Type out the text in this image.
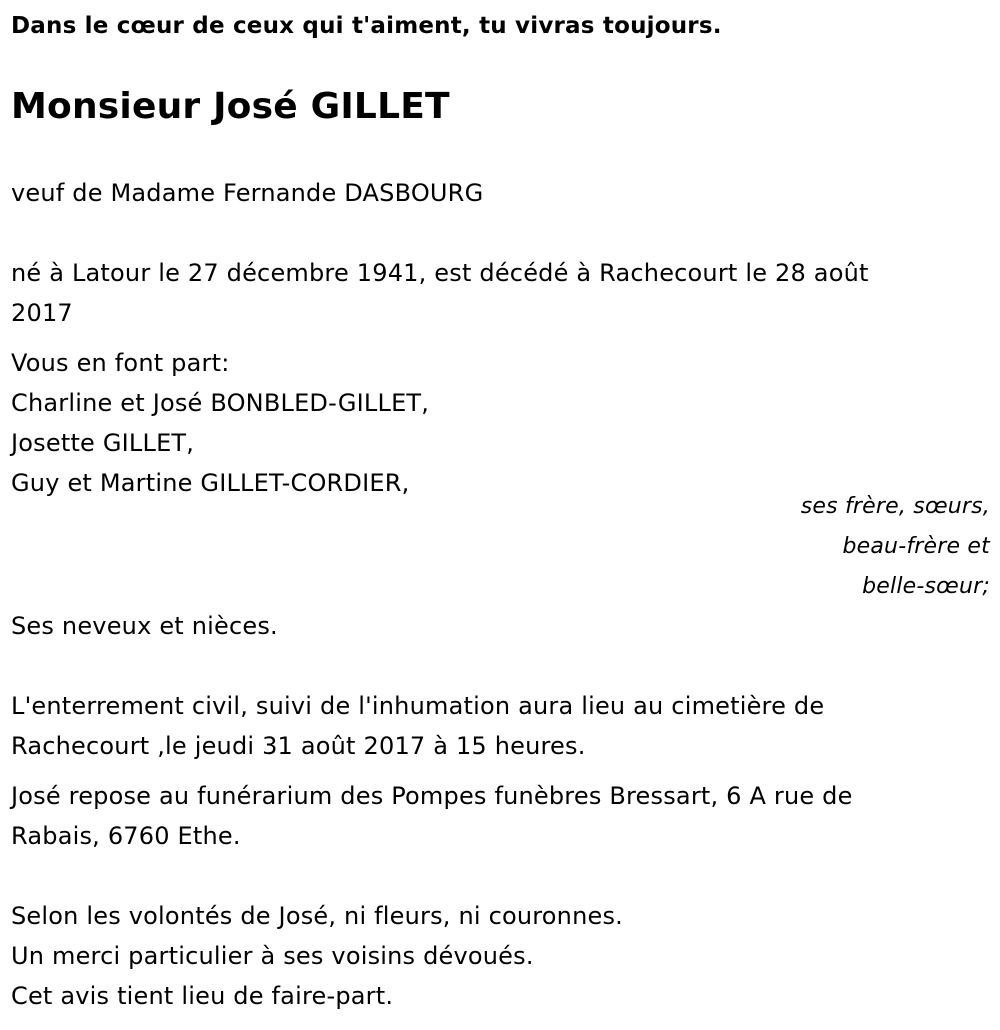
Dans le cœur de ceux qui t'aiment, tu vivras toujours.
Monsieur José GILLET
veuf de Madame Fernande DASBOURG
né à Latour le 27 décembre 1941, est décédé à Rachecourt le 28 août
2017
Vous en font part:
Charline et José BONBLED-GILLET,
Josette GILLET,
Guy et Martine GILLET-CORDIER,
ses frère, sœurs,
beau-frère et
belle-sœur;
Ses neveux et nièces.
L'enterrement civil, suivi de l'inhumation aura lieu au cimetière de
Rachecourt ,le jeudi 31 août 2017 à 15 heures.
José repose au funérarium des Pompes funèbres Bressart, 6 A rue de
Rabais, 6760 Ethe.
Selon les volontés de José, ni fleurs, ni couronnes.
Un merci particulier à ses voisins dévoués.
Cet avis tient lieu de faire-part.
